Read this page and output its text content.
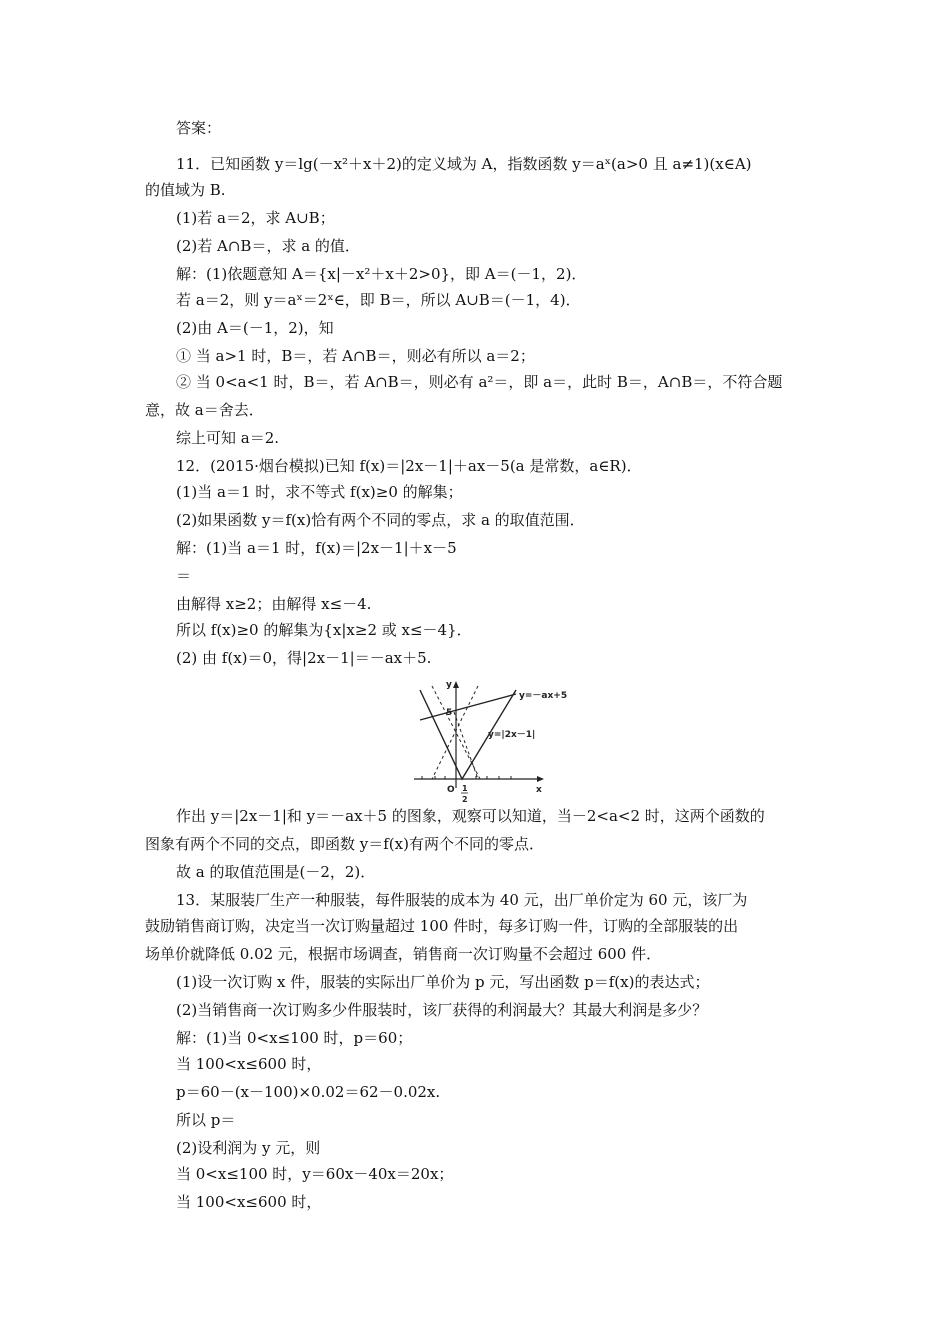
答案：
11．已知函数 y＝lg(－x²＋x＋2)的定义域为 A，指数函数 y＝aˣ(a>0 且 a≠1)(x∈A)
的值域为 B.
(1)若 a＝2，求 A∪B；
(2)若 A∩B＝，求 a 的值．
解：(1)依题意知 A＝{x|－x²＋x＋2>0}，即 A＝(－1，2)．
若 a＝2，则 y＝aˣ＝2ˣ∈，即 B＝，所以 A∪B＝(－1，4)．
(2)由 A＝(－1，2)，知
① 当 a>1 时，B＝，若 A∩B＝，则必有所以 a＝2；
② 当 0<a<1 时，B＝，若 A∩B＝，则必有 a²＝，即 a＝，此时 B＝，A∩B＝，不符合题
意，故 a＝舍去．
综上可知 a＝2.
12．(2015·烟台模拟)已知 f(x)＝|2x－1|＋ax－5(a 是常数，a∈R)．
(1)当 a＝1 时，求不等式 f(x)≥0 的解集；
(2)如果函数 y＝f(x)恰有两个不同的零点，求 a 的取值范围．
解：(1)当 a＝1 时，f(x)＝|2x－1|＋x－5
＝
由解得 x≥2；由解得 x≤－4.
所以 f(x)≥0 的解集为{x|x≥2 或 x≤－4}．
(2) 由 f(x)＝0，得|2x－1|＝－ax＋5.
y=－ax+5
y=|2x－1|
y
x
O
5
1
2
作出 y＝|2x－1|和 y＝－ax＋5 的图象，观察可以知道，当－2<a<2 时，这两个函数的
图象有两个不同的交点，即函数 y＝f(x)有两个不同的零点．
故 a 的取值范围是(－2，2)．
13．某服装厂生产一种服装，每件服装的成本为 40 元，出厂单价定为 60 元，该厂为
鼓励销售商订购，决定当一次订购量超过 100 件时，每多订购一件，订购的全部服装的出
场单价就降低 0.02 元，根据市场调查，销售商一次订购量不会超过 600 件．
(1)设一次订购 x 件，服装的实际出厂单价为 p 元，写出函数 p＝f(x)的表达式；
(2)当销售商一次订购多少件服装时，该厂获得的利润最大？其最大利润是多少？
解：(1)当 0<x≤100 时，p＝60；
当 100<x≤600 时，
p＝60－(x－100)×0.02＝62－0.02x.
所以 p＝
(2)设利润为 y 元，则
当 0<x≤100 时，y＝60x－40x＝20x；
当 100<x≤600 时，
